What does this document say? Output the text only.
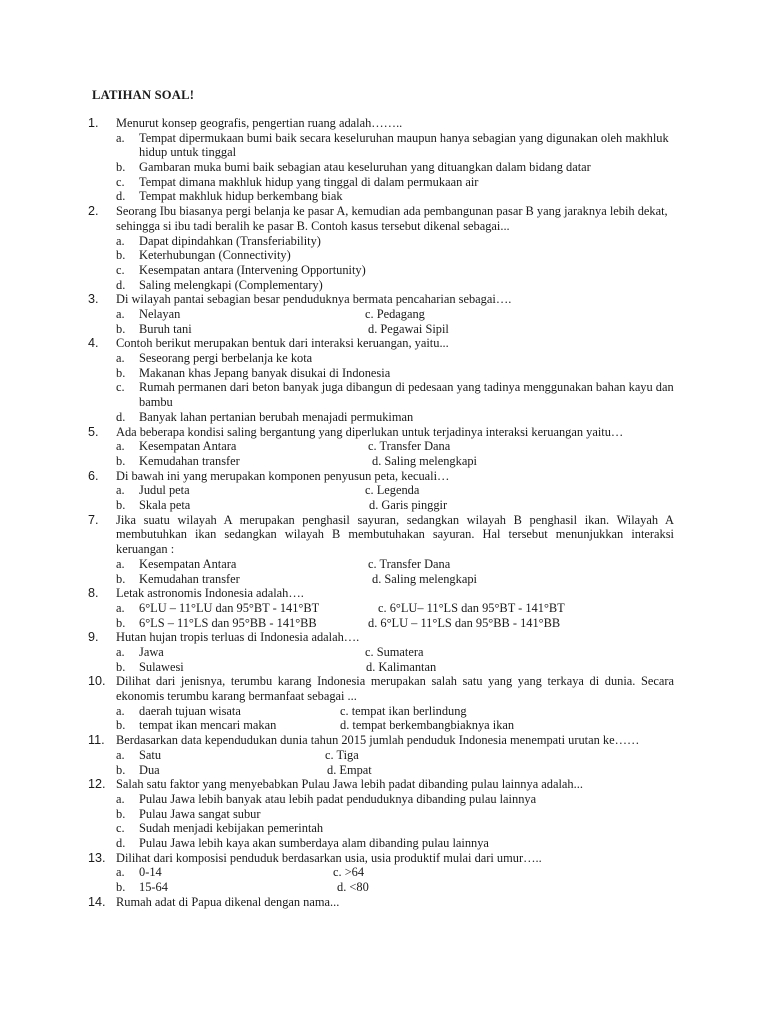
LATIHAN SOAL!
1. Menurut konsep geografis, pengertian ruang adalah……..
a. Tempat dipermukaan bumi baik secara keseluruhan maupun hanya sebagian yang digunakan oleh makhluk hidup untuk tinggal
b. Gambaran muka bumi baik sebagian atau keseluruhan yang dituangkan dalam bidang datar
c. Tempat dimana makhluk hidup yang tinggal di dalam permukaan air
d. Tempat makhluk hidup berkembang biak
2. Seorang Ibu biasanya pergi belanja ke pasar A, kemudian ada pembangunan pasar B yang jaraknya lebih dekat, sehingga si ibu tadi beralih ke pasar B. Contoh kasus tersebut dikenal sebagai...
a. Dapat dipindahkan (Transferiability)
b. Keterhubungan (Connectivity)
c. Kesempatan antara (Intervening Opportunity)
d. Saling melengkapi (Complementary)
3. Di wilayah pantai sebagian besar penduduknya bermata pencaharian sebagai….
a. Nelayan	c. Pedagang
b. Buruh tani	d. Pegawai Sipil
4. Contoh berikut merupakan bentuk dari interaksi keruangan, yaitu...
a. Seseorang pergi berbelanja ke kota
b. Makanan khas Jepang banyak disukai di Indonesia
c. Rumah permanen dari beton banyak juga dibangun di pedesaan yang tadinya menggunakan bahan kayu dan bambu
d. Banyak lahan pertanian berubah menajadi permukiman
5. Ada beberapa kondisi saling bergantung yang diperlukan untuk terjadinya interaksi keruangan yaitu…
a. Kesempatan Antara	c. Transfer Dana
b. Kemudahan transfer	d. Saling melengkapi
6. Di bawah ini yang merupakan komponen penyusun peta, kecuali…
a. Judul peta	c. Legenda
b. Skala peta	d. Garis pinggir
7. Jika suatu wilayah A merupakan penghasil sayuran, sedangkan wilayah B penghasil ikan. Wilayah A membutuhkan ikan sedangkan wilayah B membutuhakan sayuran. Hal tersebut menunjukkan interaksi keruangan :
a. Kesempatan Antara	c. Transfer Dana
b. Kemudahan transfer	d. Saling melengkapi
8. Letak astronomis Indonesia adalah….
a. 6°LU – 11°LU dan 95°BT - 141°BT	c. 6°LU– 11°LS dan 95°BT - 141°BT
b. 6°LS – 11°LS dan 95°BB - 141°BB	d. 6°LU – 11°LS dan 95°BB - 141°BB
9. Hutan hujan tropis terluas di Indonesia adalah….
a. Jawa	c. Sumatera
b. Sulawesi	d. Kalimantan
10. Dilihat dari jenisnya, terumbu karang Indonesia merupakan salah satu yang yang terkaya di dunia. Secara ekonomis terumbu karang bermanfaat sebagai ...
a. daerah tujuan wisata	c. tempat ikan berlindung
b. tempat ikan mencari makan	d. tempat berkembangbiaknya ikan
11. Berdasarkan data kependudukan dunia tahun 2015 jumlah penduduk Indonesia menempati urutan ke……
a. Satu	c. Tiga
b. Dua	d. Empat
12. Salah satu faktor yang menyebabkan Pulau Jawa lebih padat dibanding pulau lainnya adalah...
a. Pulau Jawa lebih banyak atau lebih padat penduduknya dibanding pulau lainnya
b. Pulau Jawa sangat subur
c. Sudah menjadi kebijakan pemerintah
d. Pulau Jawa lebih kaya akan sumberdaya alam dibanding pulau lainnya
13. Dilihat dari komposisi penduduk berdasarkan usia, usia produktif mulai dari umur…..
a. 0-14	c. >64
b. 15-64	d. <80
14. Rumah adat di Papua dikenal dengan nama...
